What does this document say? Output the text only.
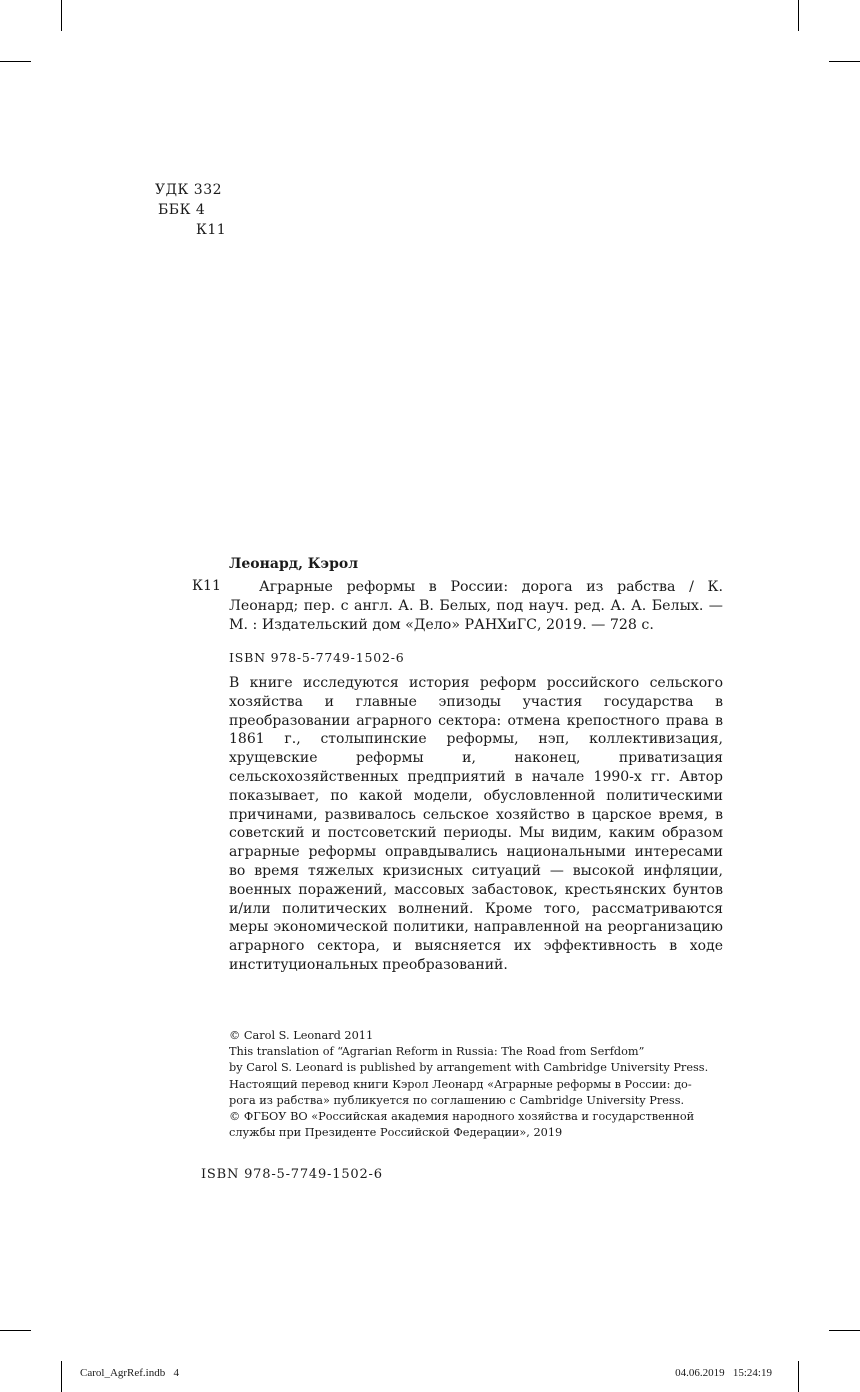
УДК 332
ББК 4
К11
Леонард, Кэрол
К11	Аграрные реформы в России: дорога из рабства / К. Леонард; пер. с англ. А. В. Белых, под науч. ред. А. А. Белых. — М. : Издательский дом «Дело» РАНХиГС, 2019. — 728 с.

ISBN 978-5-7749-1502-6

В книге исследуются история реформ российского сельского хозяйства и главные эпизоды участия государства в преобразовании аграрного сектора: отмена крепостного права в 1861 г., столыпинские реформы, нэп, коллективизация, хрущевские реформы и, наконец, приватизация сельскохозяйственных предприятий в начале 1990-х гг. Автор показывает, по какой модели, обусловленной политическими причинами, развивалось сельское хозяйство в царское время, в советский и постсоветский периоды. Мы видим, каким образом аграрные реформы оправдывались национальными интересами во время тяжелых кризисных ситуаций — высокой инфляции, военных поражений, массовых забастовок, крестьянских бунтов и/или политических волнений. Кроме того, рассматриваются меры экономической политики, направленной на реорганизацию аграрного сектора, и выясняется их эффективность в ходе институциональных преобразований.

© Carol S. Leonard 2011
This translation of “Agrarian Reform in Russia: The Road from Serfdom”
by Carol S. Leonard is published by arrangement with Cambridge University Press.
Настоящий перевод книги Кэрол Леонард «Аграрные реформы в России: до-
рога из рабства» публикуется по соглашению с Cambridge University Press.
© ФГБОУ ВО «Российская академия народного хозяйства и государственной
службы при Президенте Российской Федерации», 2019
ISBN 978-5-7749-1502-6
Carol_AgrRef.indb   4	04.06.2019   15:24:19
